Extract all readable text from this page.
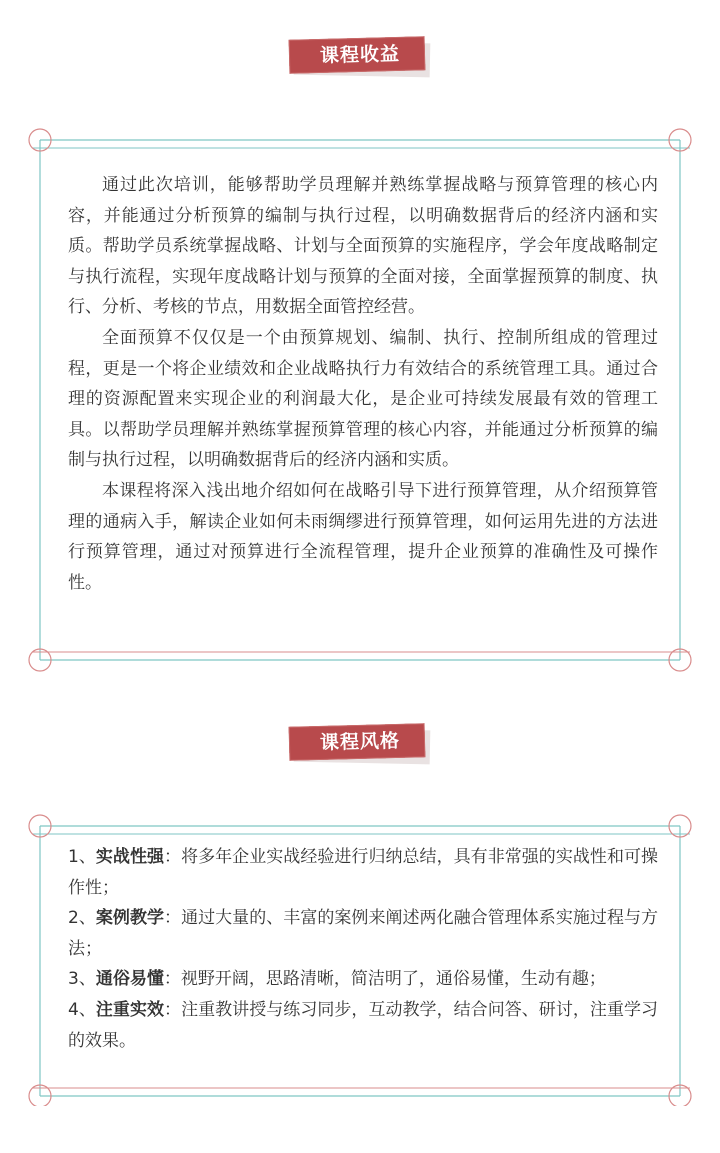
课程收益

通过此次培训，能够帮助学员理解并熟练掌握战略与预算管理的核心内容，并能通过分析预算的编制与执行过程，以明确数据背后的经济内涵和实质。帮助学员系统掌握战略、计划与全面预算的实施程序，学会年度战略制定与执行流程，实现年度战略计划与预算的全面对接，全面掌握预算的制度、执行、分析、考核的节点，用数据全面管控经营。

全面预算不仅仅是一个由预算规划、编制、执行、控制所组成的管理过程，更是一个将企业绩效和企业战略执行力有效结合的系统管理工具。通过合理的资源配置来实现企业的利润最大化，是企业可持续发展最有效的管理工具。以帮助学员理解并熟练掌握预算管理的核心内容，并能通过分析预算的编制与执行过程，以明确数据背后的经济内涵和实质。

本课程将深入浅出地介绍如何在战略引导下进行预算管理，从介绍预算管理的通病入手，解读企业如何未雨绸缪进行预算管理，如何运用先进的方法进行预算管理，通过对预算进行全流程管理，提升企业预算的准确性及可操作性。

课程风格

1、实战性强：将多年企业实战经验进行归纳总结，具有非常强的实战性和可操作性；

2、案例教学：通过大量的、丰富的案例来阐述两化融合管理体系实施过程与方法；

3、通俗易懂：视野开阔，思路清晰，简洁明了，通俗易懂，生动有趣；

4、注重实效：注重教讲授与练习同步，互动教学，结合问答、研讨，注重学习的效果。
